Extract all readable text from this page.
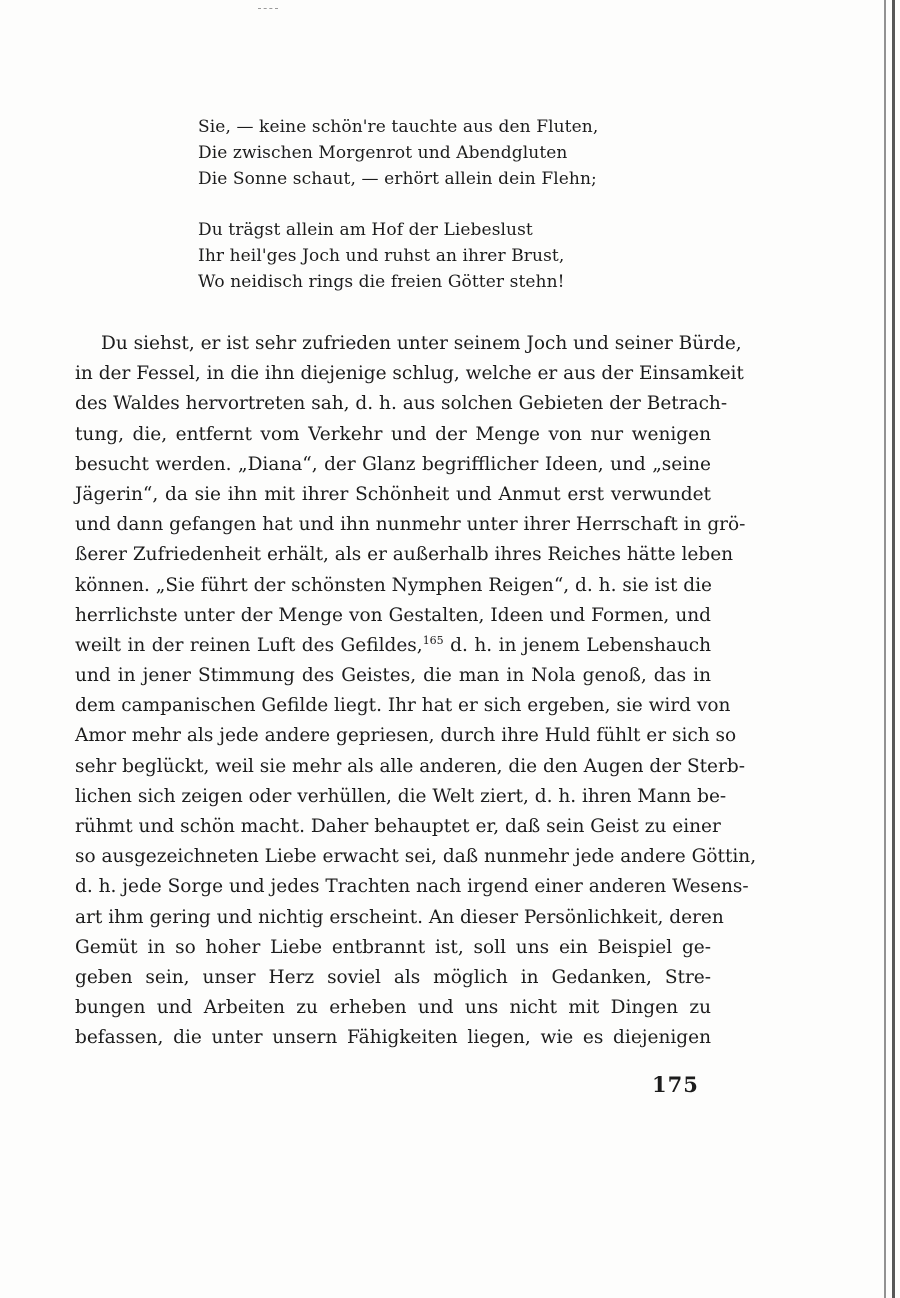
Sie, — keine schön're tauchte aus den Fluten,
Die zwischen Morgenrot und Abendgluten
Die Sonne schaut, — erhört allein dein Flehn;

Du trägst allein am Hof der Liebeslust
Ihr heil'ges Joch und ruhst an ihrer Brust,
Wo neidisch rings die freien Götter stehn!

Du siehst, er ist sehr zufrieden unter seinem Joch und seiner Bürde,
in der Fessel, in die ihn diejenige schlug, welche er aus der Einsamkeit
des Waldes hervortreten sah, d. h. aus solchen Gebieten der Betrach-
tung, die, entfernt vom Verkehr und der Menge von nur wenigen
besucht werden. „Diana“, der Glanz begrifflicher Ideen, und „seine
Jägerin“, da sie ihn mit ihrer Schönheit und Anmut erst verwundet
und dann gefangen hat und ihn nunmehr unter ihrer Herrschaft in grö-
ßerer Zufriedenheit erhält, als er außerhalb ihres Reiches hätte leben
können. „Sie führt der schönsten Nymphen Reigen“, d. h. sie ist die
herrlichste unter der Menge von Gestalten, Ideen und Formen, und
weilt in der reinen Luft des Gefildes,$^{165}$ d. h. in jenem Lebenshauch
und in jener Stimmung des Geistes, die man in Nola genoß, das in
dem campanischen Gefilde liegt. Ihr hat er sich ergeben, sie wird von
Amor mehr als jede andere gepriesen, durch ihre Huld fühlt er sich so
sehr beglückt, weil sie mehr als alle anderen, die den Augen der Sterb-
lichen sich zeigen oder verhüllen, die Welt ziert, d. h. ihren Mann be-
rühmt und schön macht. Daher behauptet er, daß sein Geist zu einer
so ausgezeichneten Liebe erwacht sei, daß nunmehr jede andere Göttin,
d. h. jede Sorge und jedes Trachten nach irgend einer anderen Wesens-
art ihm gering und nichtig erscheint. An dieser Persönlichkeit, deren
Gemüt in so hoher Liebe entbrannt ist, soll uns ein Beispiel ge-
geben sein, unser Herz soviel als möglich in Gedanken, Stre-
bungen und Arbeiten zu erheben und uns nicht mit Dingen zu
befassen, die unter unsern Fähigkeiten liegen, wie es diejenigen
175
